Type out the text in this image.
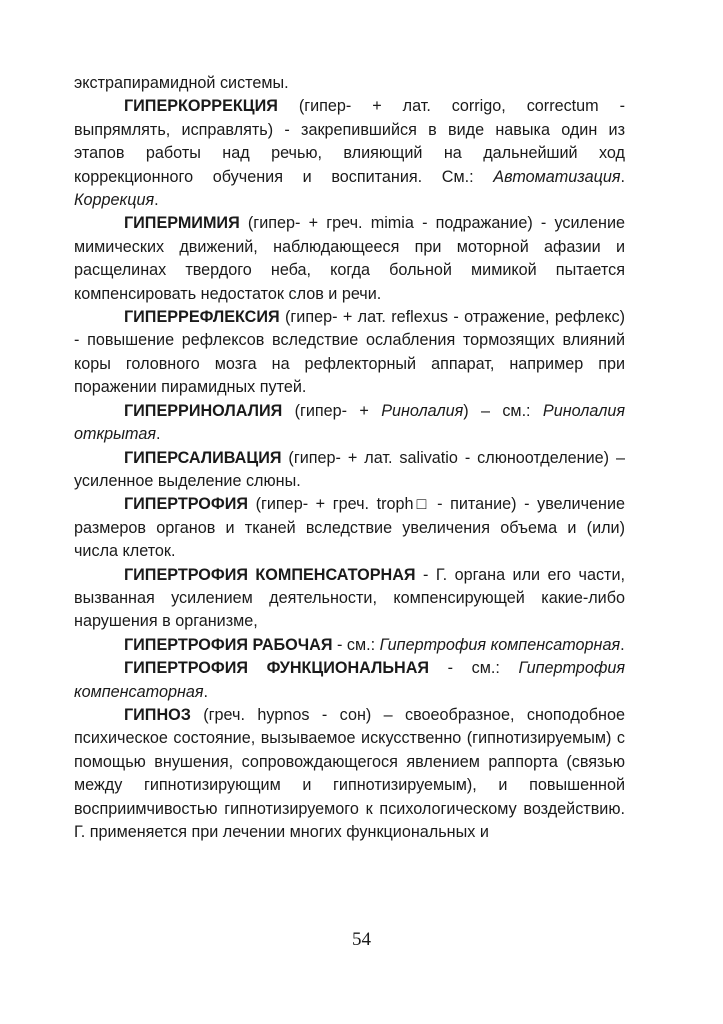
экстрапирамидной системы.

ГИПЕРКОРРЕКЦИЯ (гипер- + лат. corrigo, correctum - выпрямлять, исправлять) - закрепившийся в виде навыка один из этапов работы над речью, влияющий на дальнейший ход коррекционного обучения и воспитания. См.: Автоматизация. Коррекция.

ГИПЕРМИМИЯ (гипер- + греч. mimia - подражание) - усиление мимических движений, наблюдающееся при моторной афазии и расщелинах твердого неба, когда больной мимикой пытается компенсировать недостаток слов и речи.

ГИПЕРРЕФЛЕКСИЯ (гипер- + лат. reflexus - отражение, рефлекс) - повышение рефлексов вследствие ослабления тормозящих влияний коры головного мозга на рефлекторный аппарат, например при поражении пирамидных путей.

ГИПЕРРИНОЛАЛИЯ (гипер- + Ринолалия) – см.: Ринолалия открытая.

ГИПЕРСАЛИВАЦИЯ (гипер- + лат. salivatio - слюноотделение) – усиленное выделение слюны.

ГИПЕРТРОФИЯ (гипер- + греч. troph□ - питание) - увеличение размеров органов и тканей вследствие увеличения объема и (или) числа клеток.

ГИПЕРТРОФИЯ КОМПЕНСАТОРНАЯ - Г. органа или его части, вызванная усилением деятельности, компенсирующей какие-либо нарушения в организме,

ГИПЕРТРОФИЯ РАБОЧАЯ - см.: Гипертрофия компенсаторная.

ГИПЕРТРОФИЯ ФУНКЦИОНАЛЬНАЯ - см.: Гипертрофия компенсаторная.

ГИПНОЗ (греч. hypnos - сон) – своеобразное, сноподобное психическое состояние, вызываемое искусственно (гипнотизируемым) с помощью внушения, сопровождающегося явлением раппорта (связью между гипнотизирующим и гипнотизируемым), и повышенной восприимчивостью гипнотизируемого к психологическому воздействию. Г. применяется при лечении многих функциональных и

54
